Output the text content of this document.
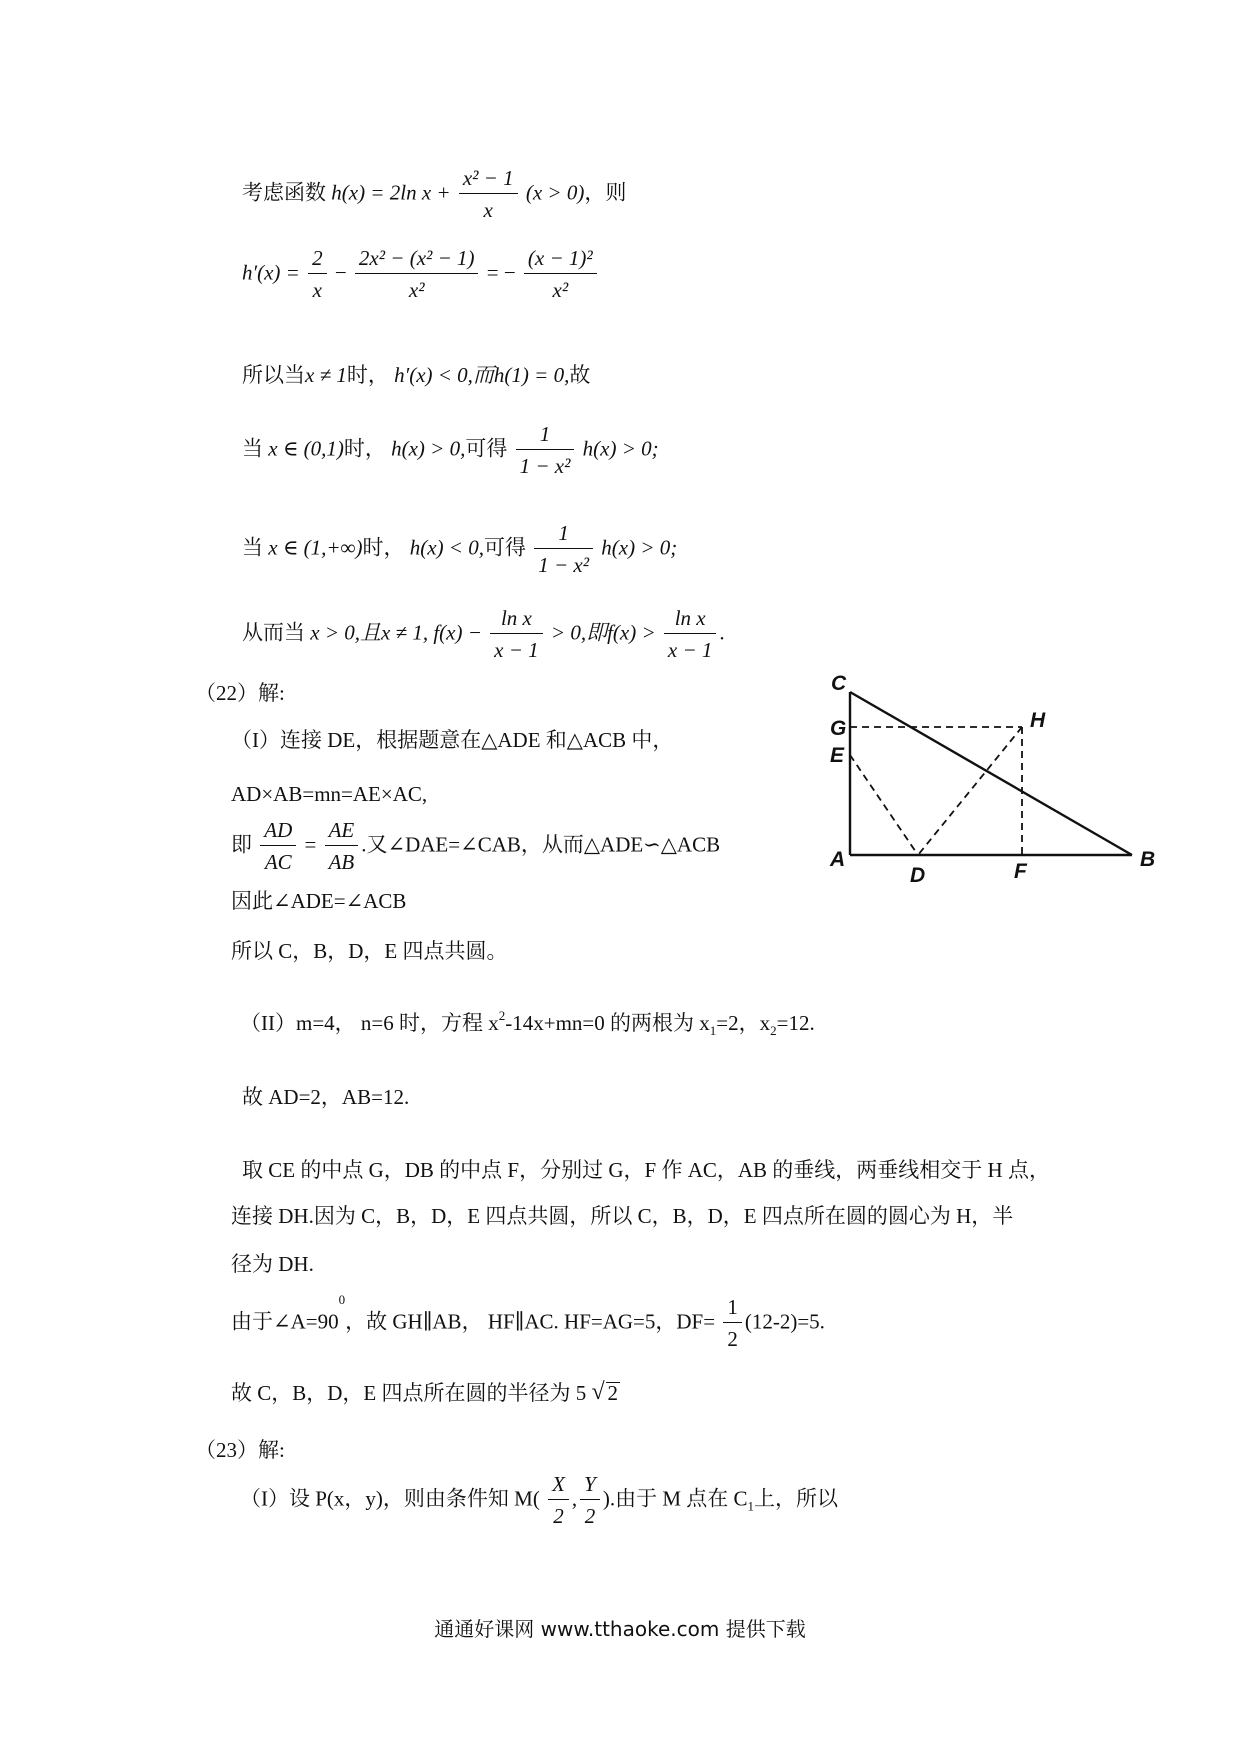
考虑函数 h(x) = 2ln $x + \frac{\text{x² − 1}}{x} (x > 0)$，则
$h'(x) = \frac{2}{x} - \frac{\text{2x² − (x² − 1)}}{\text{x²}}$ = − $\frac{\text{(x − 1)²}}{\text{x²}}$
所以当x ≠ 1时， h′(x) < 0,而h(1) = 0,故
当 x ∈ (0,1)时， h(x) > 0,可得 $\frac{1}{\text{1 − x²}} h(x) > 0$;
当 x ∈ (1,+∞)时， h(x) < 0,可得 $\frac{1}{\text{1 − x²}} h(x) > 0$;
从而当 x > 0,且x ≠ 1, $f(x) - \frac{\text{ln x}}{x - 1} > 0$,即$f(x) > \frac{\text{ln x}}{x - 1}$ .
（22）解:
（I）连接 DE，根据题意在△ADE 和△ACB 中，
AD×AB=mn=AE×AC,
即 $\frac{AD}{AC} = \frac{AE}{AB}$ .又∠DAE=∠CAB，从而△ADE∽△ACB
因此∠ADE=∠ACB
所以 C，B，D，E 四点共圆。
（II）m=4， n=6 时，方程 $x^2-14x+mn=0$ 的两根为 $x_1=2$，$x_2=12$.
故 AD=2，AB=12.
取 CE 的中点 G，DB 的中点 F，分别过 G，F 作 AC，AB 的垂线，两垂线相交于 H 点，
连接 DH.因为 C，B，D，E 四点共圆，所以 C，B，D，E 四点所在圆的圆心为 H，半
径为 DH.
由于$\angle A=90^0$，故 GH∥AB， HF∥AC. HF=AG=5，$DF= \frac{1}{2} (12-2)=5$.
故 C，B，D，E 四点所在圆的半径为 5 √ 2
（23）解:
（I）设 P(x，y)，则由条件知 $M( \frac{X}{2}$ , $\frac{Y}{2}$ ).由于 M 点在 $C_1$上，所以
C
G	H
E
A
D	F
B
通通好课网 www.tthaoke.com 提供下载
